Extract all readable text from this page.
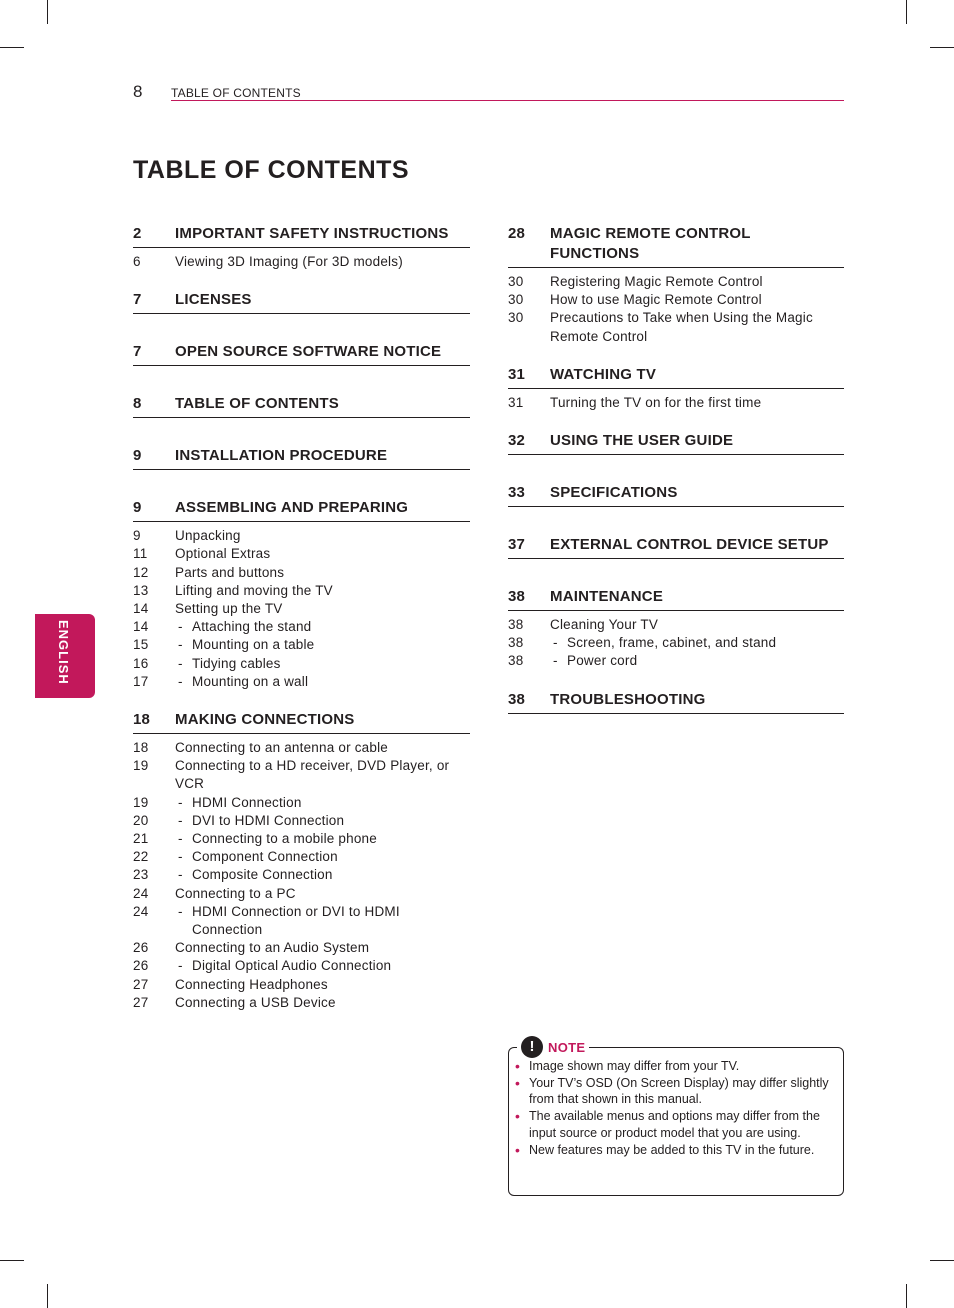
8 TABLE OF CONTENTS
TABLE OF CONTENTS
ENGLISH
2	IMPORTANT SAFETY INSTRUCTIONS
6	Viewing 3D Imaging (For 3D models)
7	LICENSES
7	OPEN SOURCE SOFTWARE NOTICE
8	TABLE OF CONTENTS
9	INSTALLATION PROCEDURE
9	ASSEMBLING AND PREPARING
9	Unpacking
11	Optional Extras
12	Parts and buttons
13	Lifting and moving the TV
14	Setting up the TV
14	- Attaching the stand
15	- Mounting on a table
16	- Tidying cables
17	- Mounting on a wall
18	MAKING CONNECTIONS
18	Connecting to an antenna or cable
19	Connecting to a HD receiver, DVD Player, or VCR
19	- HDMI Connection
20	- DVI to HDMI Connection
21	- Connecting to a mobile phone
22	- Component Connection
23	- Composite Connection
24	Connecting to a PC
24	- HDMI Connection or DVI to HDMI Connection
26	Connecting to an Audio System
26	- Digital Optical Audio Connection
27	Connecting Headphones
27	Connecting a USB Device
28	MAGIC REMOTE CONTROL FUNCTIONS
30	Registering Magic Remote Control
30	How to use Magic Remote Control
30	Precautions to Take when Using the Magic Remote Control
31	WATCHING TV
31	Turning the TV on for the first time
32	USING THE USER GUIDE
33	SPECIFICATIONS
37	EXTERNAL CONTROL DEVICE SETUP
38	MAINTENANCE
38	Cleaning Your TV
38	- Screen, frame, cabinet, and stand
38	- Power cord
38	TROUBLESHOOTING
!	NOTE
• Image shown may differ from your TV.
• Your TV’s OSD (On Screen Display) may differ slightly from that shown in this manual.
• The available menus and options may differ from the input source or product model that you are using.
• New features may be added to this TV in the future.
